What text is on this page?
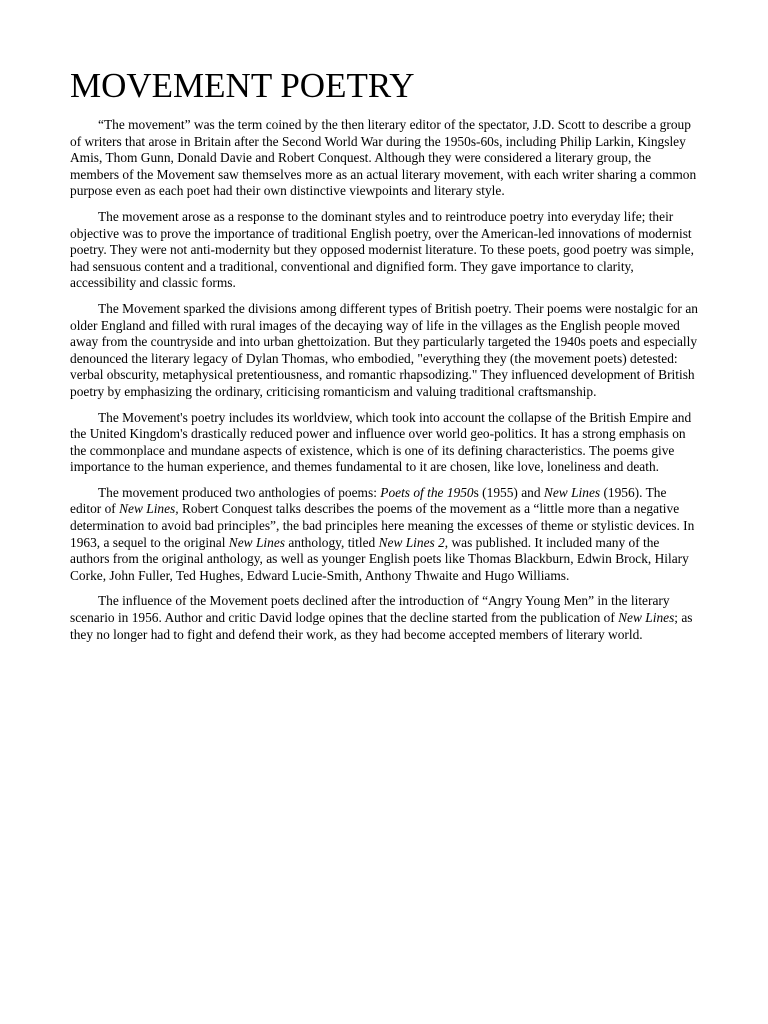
MOVEMENT POETRY

“The movement” was the term coined by the then literary editor of the spectator, J.D. Scott to describe a group of writers that arose in Britain after the Second World War during the 1950s-60s, including Philip Larkin, Kingsley Amis, Thom Gunn, Donald Davie and Robert Conquest. Although they were considered a literary group, the members of the Movement saw themselves more as an actual literary movement, with each writer sharing a common purpose even as each poet had their own distinctive viewpoints and literary style.

The movement arose as a response to the dominant styles and to reintroduce poetry into everyday life; their objective was to prove the importance of traditional English poetry, over the American-led innovations of modernist poetry. They were not anti-modernity but they opposed modernist literature. To these poets, good poetry was simple, had sensuous content and a traditional, conventional and dignified form. They gave importance to clarity, accessibility and classic forms.

The Movement sparked the divisions among different types of British poetry. Their poems were nostalgic for an older England and filled with rural images of the decaying way of life in the villages as the English people moved away from the countryside and into urban ghettoization. But they particularly targeted the 1940s poets and especially denounced the literary legacy of Dylan Thomas, who embodied, "everything they (the movement poets) detested: verbal obscurity, metaphysical pretentiousness, and romantic rhapsodizing." They influenced development of British poetry by emphasizing the ordinary, criticising romanticism and valuing traditional craftsmanship.

The Movement's poetry includes its worldview, which took into account the collapse of the British Empire and the United Kingdom's drastically reduced power and influence over world geo-politics. It has a strong emphasis on the commonplace and mundane aspects of existence, which is one of its defining characteristics. The poems give importance to the human experience, and themes fundamental to it are chosen, like love, loneliness and death.

The movement produced two anthologies of poems: Poets of the 1950s (1955) and New Lines (1956). The editor of New Lines, Robert Conquest talks describes the poems of the movement as a “little more than a negative determination to avoid bad principles”, the bad principles here meaning the excesses of theme or stylistic devices. In 1963, a sequel to the original New Lines anthology, titled New Lines 2, was published. It included many of the authors from the original anthology, as well as younger English poets like Thomas Blackburn, Edwin Brock, Hilary Corke, John Fuller, Ted Hughes, Edward Lucie-Smith, Anthony Thwaite and Hugo Williams.

The influence of the Movement poets declined after the introduction of “Angry Young Men” in the literary scenario in 1956. Author and critic David lodge opines that the decline started from the publication of New Lines; as they no longer had to fight and defend their work, as they had become accepted members of literary world.
